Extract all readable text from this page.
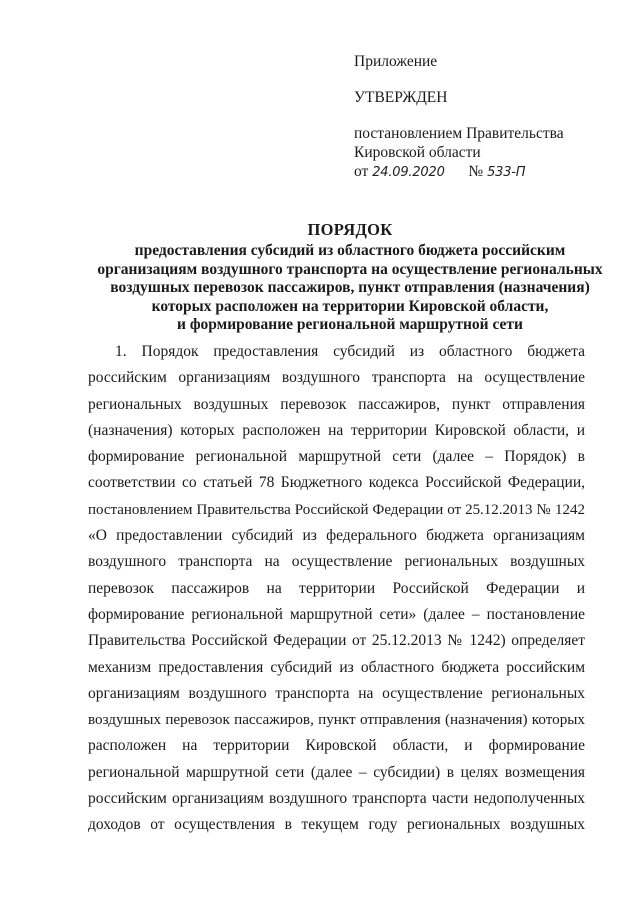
Приложение
УТВЕРЖДЕН
постановлением Правительства
Кировской области
от 24.09.2020 № 533-П
ПОРЯДОК
предоставления субсидий из областного бюджета российским
организациям воздушного транспорта на осуществление региональных
воздушных перевозок пассажиров, пункт отправления (назначения)
которых расположен на территории Кировской области,
и формирование региональной маршрутной сети
1. Порядок предоставления субсидий из областного бюджета
российским организациям воздушного транспорта на осуществление
региональных воздушных перевозок пассажиров, пункт отправления
(назначения) которых расположен на территории Кировской области, и
формирование региональной маршрутной сети (далее – Порядок) в
соответствии со статьей 78 Бюджетного кодекса Российской Федерации,
постановлением Правительства Российской Федерации от 25.12.2013 № 1242
«О предоставлении субсидий из федерального бюджета организациям
воздушного транспорта на осуществление региональных воздушных
перевозок пассажиров на территории Российской Федерации и
формирование региональной маршрутной сети» (далее – постановление
Правительства Российской Федерации от 25.12.2013 № 1242) определяет
механизм предоставления субсидий из областного бюджета российским
организациям воздушного транспорта на осуществление региональных
воздушных перевозок пассажиров, пункт отправления (назначения) которых
расположен на территории Кировской области, и формирование
региональной маршрутной сети (далее – субсидии) в целях возмещения
российским организациям воздушного транспорта части недополученных
доходов от осуществления в текущем году региональных воздушных
